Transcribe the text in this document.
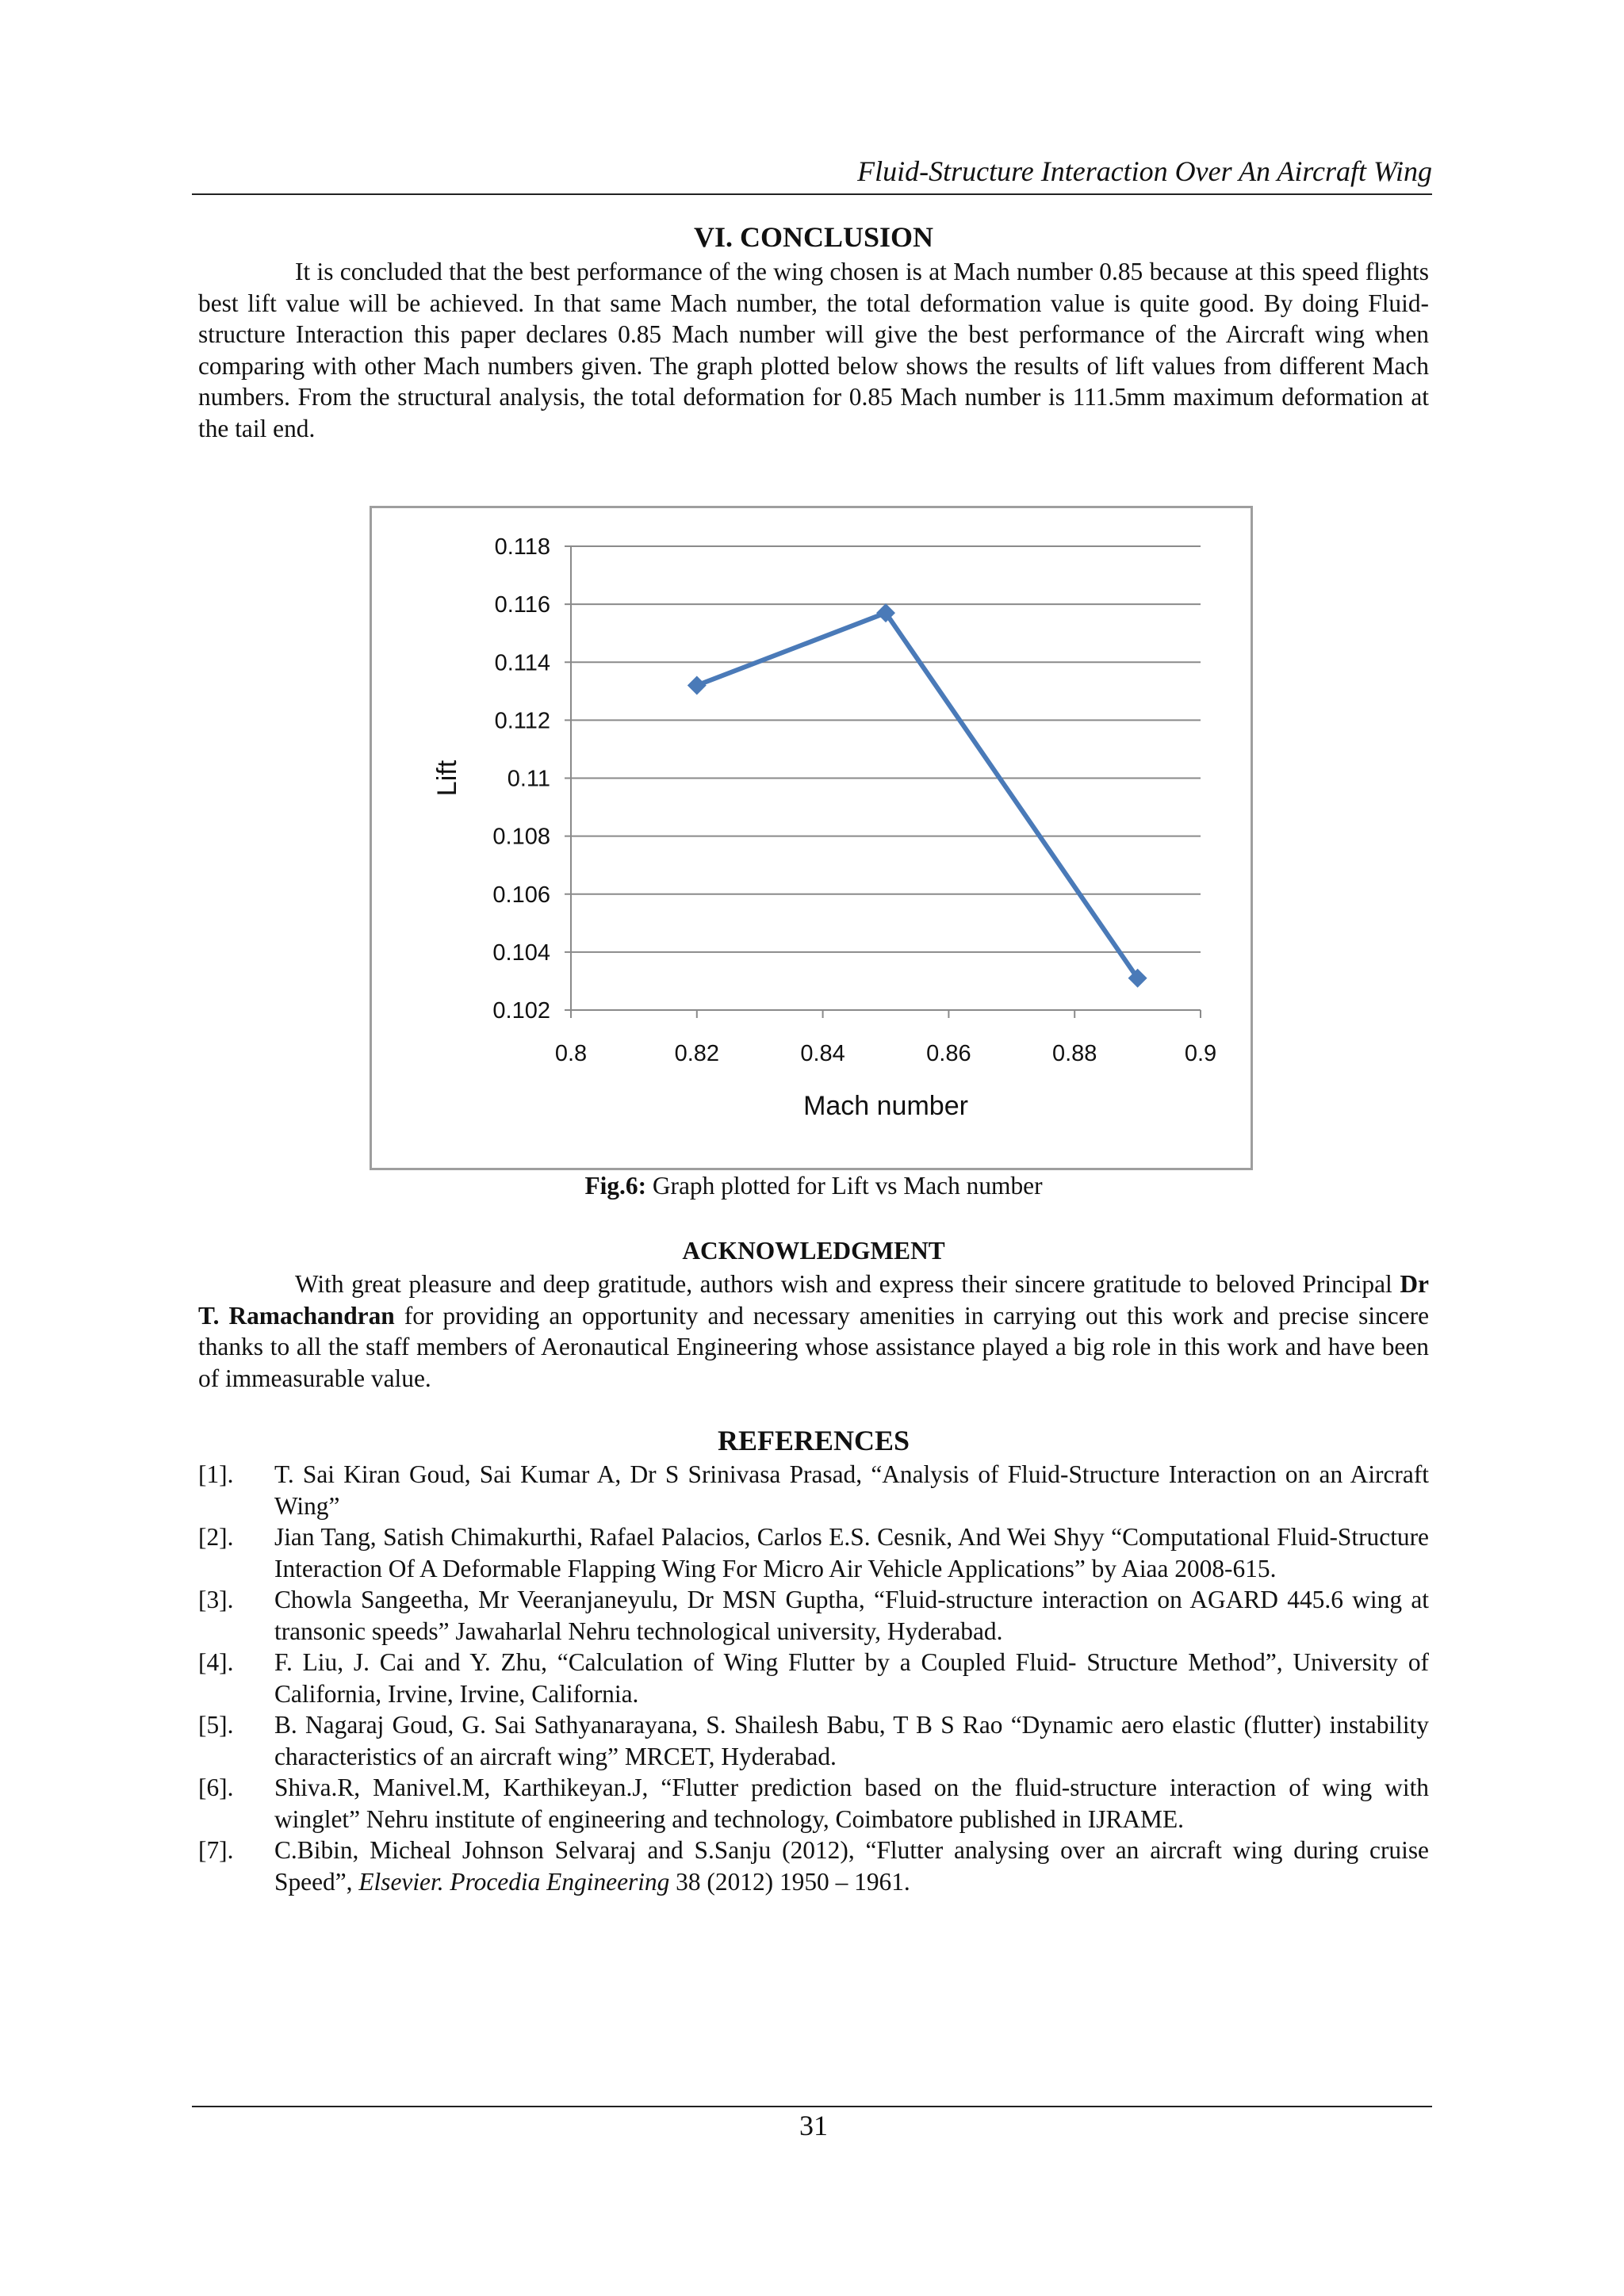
Fluid-Structure Interaction Over An Aircraft Wing
VI. CONCLUSION

It is concluded that the best performance of the wing chosen is at Mach number 0.85 because at this speed flights best lift value will be achieved. In that same Mach number, the total deformation value is quite good. By doing Fluid-structure Interaction this paper declares 0.85 Mach number will give the best performance of the Aircraft wing when comparing with other Mach numbers given. The graph plotted below shows the results of lift values from different Mach numbers. From the structural analysis, the total deformation for 0.85 Mach number is 111.5mm maximum deformation at the tail end.

0.102
0.104
0.106
0.108
0.11
0.112
0.114
0.116
0.118
0.8	0.82	0.84	0.86	0.88	0.9
Mach number
Lift
Fig.6: Graph plotted for Lift vs Mach number
ACKNOWLEDGMENT

With great pleasure and deep gratitude, authors wish and express their sincere gratitude to beloved Principal Dr T. Ramachandran for providing an opportunity and necessary amenities in carrying out this work and precise sincere thanks to all the staff members of Aeronautical Engineering whose assistance played a big role in this work and have been of immeasurable value.

REFERENCES
[1].	T. Sai Kiran Goud, Sai Kumar A, Dr S Srinivasa Prasad, “Analysis of Fluid-Structure Interaction on an Aircraft Wing”
[2].	Jian Tang, Satish Chimakurthi, Rafael Palacios, Carlos E.S. Cesnik, And Wei Shyy “Computational Fluid-Structure Interaction Of A Deformable Flapping Wing For Micro Air Vehicle Applications” by Aiaa 2008-615.
[3].	Chowla Sangeetha, Mr Veeranjaneyulu, Dr MSN Guptha, “Fluid-structure interaction on AGARD 445.6 wing at transonic speeds” Jawaharlal Nehru technological university, Hyderabad.
[4].	F. Liu, J. Cai and Y. Zhu, “Calculation of Wing Flutter by a Coupled Fluid- Structure Method”, University of California, Irvine, Irvine, California.
[5].	B. Nagaraj Goud, G. Sai Sathyanarayana, S. Shailesh Babu, T B S Rao “Dynamic aero elastic (flutter) instability characteristics of an aircraft wing” MRCET, Hyderabad.
[6].	Shiva.R, Manivel.M, Karthikeyan.J, “Flutter prediction based on the fluid-structure interaction of wing with winglet” Nehru institute of engineering and technology, Coimbatore published in IJRAME.
[7].	C.Bibin, Micheal Johnson Selvaraj and S.Sanju (2012), “Flutter analysing over an aircraft wing during cruise Speed”, Elsevier. Procedia Engineering 38 (2012) 1950 – 1961.
31
